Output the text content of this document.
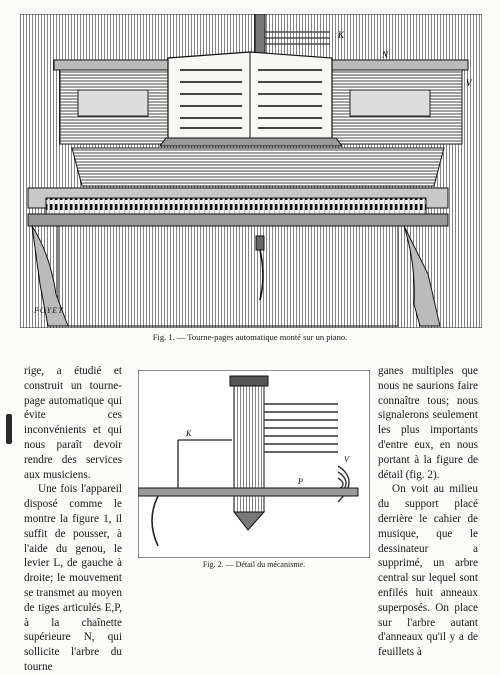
K
N
V
POYET
Fig. 1. — Tourne-pages automatique monté sur un piano.

rige, a étudié et construit un tourne-page automatique qui évite ces inconvénients et qui nous paraît devoir rendre des services aux musiciens.

Une fois l'appareil disposé comme le montre la figure 1, il suffit de pousser, à l'aide du genou, le levier L, de gauche à droite; le mouvement se transmet au moyen de tiges articulés E,P, à la chaînette supérieure N, qui sollicite l'arbre du tourne

K
V
P
Fig. 2. — Détail du mécanisme.

ganes multiples que nous ne saurions faire connaître tous; nous signalerons seulement les plus importants d'entre eux, en nous portant à la figure de détail (fig. 2).

On voit au milieu du support placé derrière le cahier de musique, que le dessinateur a supprimé, un arbre central sur lequel sont enfilés huit anneaux superposés. On place sur l'arbre autant d'anneaux qu'il y a de feuillets à
